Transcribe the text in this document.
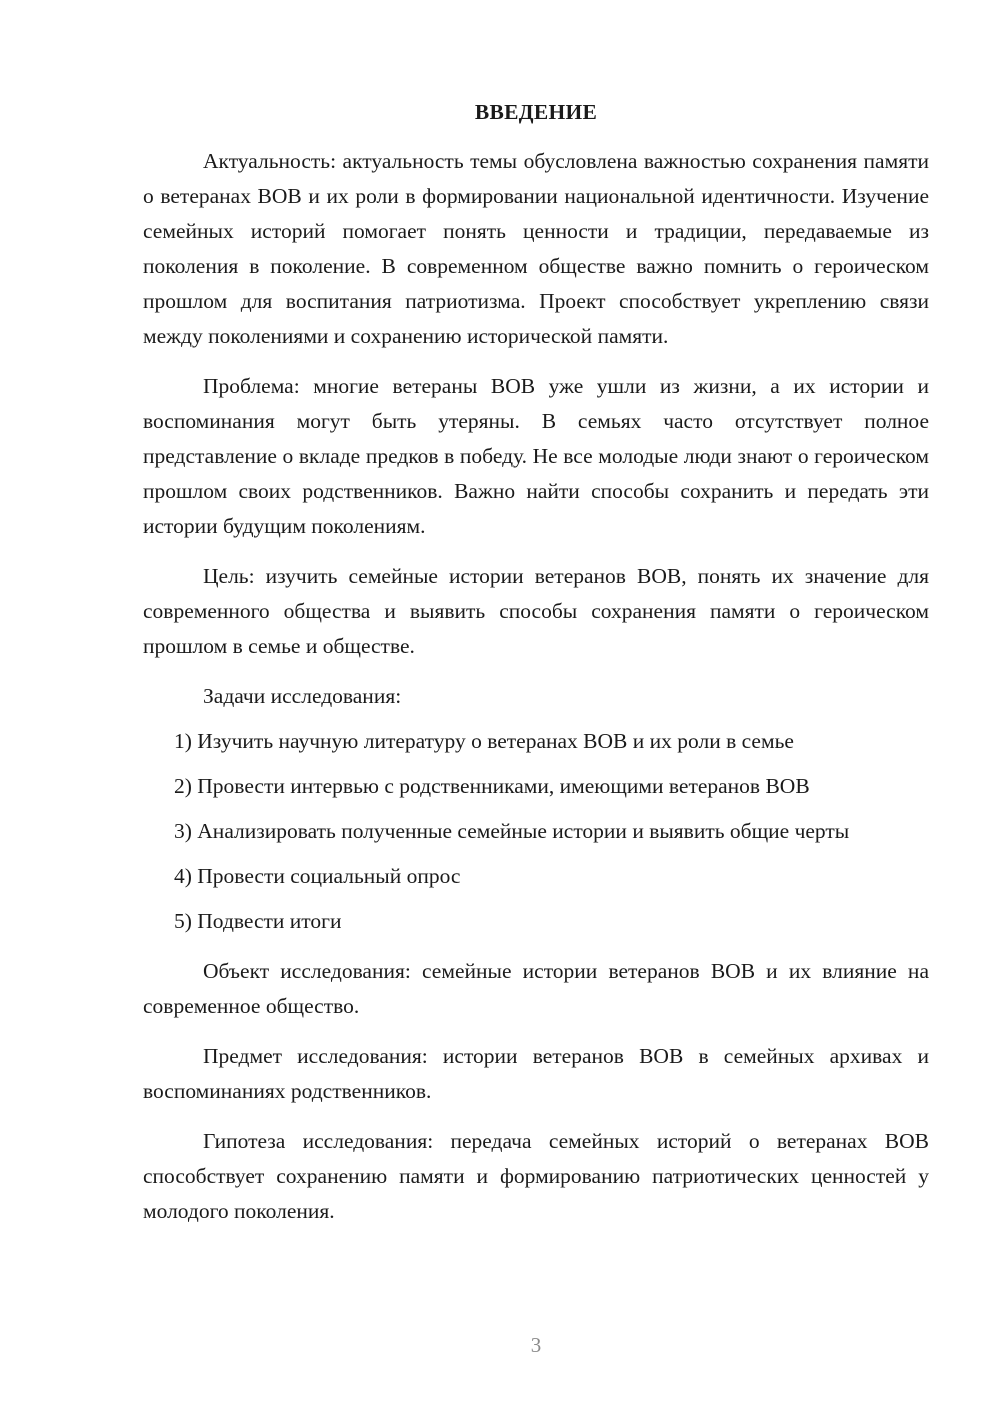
ВВЕДЕНИЕ

Актуальность: актуальность темы обусловлена важностью сохранения памяти о ветеранах ВОВ и их роли в формировании национальной идентичности. Изучение семейных историй помогает понять ценности и традиции, передаваемые из поколения в поколение. В современном обществе важно помнить о героическом прошлом для воспитания патриотизма. Проект способствует укреплению связи между поколениями и сохранению исторической памяти.

Проблема: многие ветераны ВОВ уже ушли из жизни, а их истории и воспоминания могут быть утеряны. В семьях часто отсутствует полное представление о вкладе предков в победу. Не все молодые люди знают о героическом прошлом своих родственников. Важно найти способы сохранить и передать эти истории будущим поколениям.

Цель: изучить семейные истории ветеранов ВОВ, понять их значение для современного общества и выявить способы сохранения памяти о героическом прошлом в семье и обществе.

Задачи исследования:

1) Изучить научную литературу о ветеранах ВОВ и их роли в семье

2) Провести интервью с родственниками, имеющими ветеранов ВОВ

3) Анализировать полученные семейные истории и выявить общие черты

4) Провести социальный опрос

5) Подвести итоги

Объект исследования: семейные истории ветеранов ВОВ и их влияние на современное общество.

Предмет исследования: истории ветеранов ВОВ в семейных архивах и воспоминаниях родственников.

Гипотеза исследования: передача семейных историй о ветеранах ВОВ способствует сохранению памяти и формированию патриотических ценностей у молодого поколения.

3
